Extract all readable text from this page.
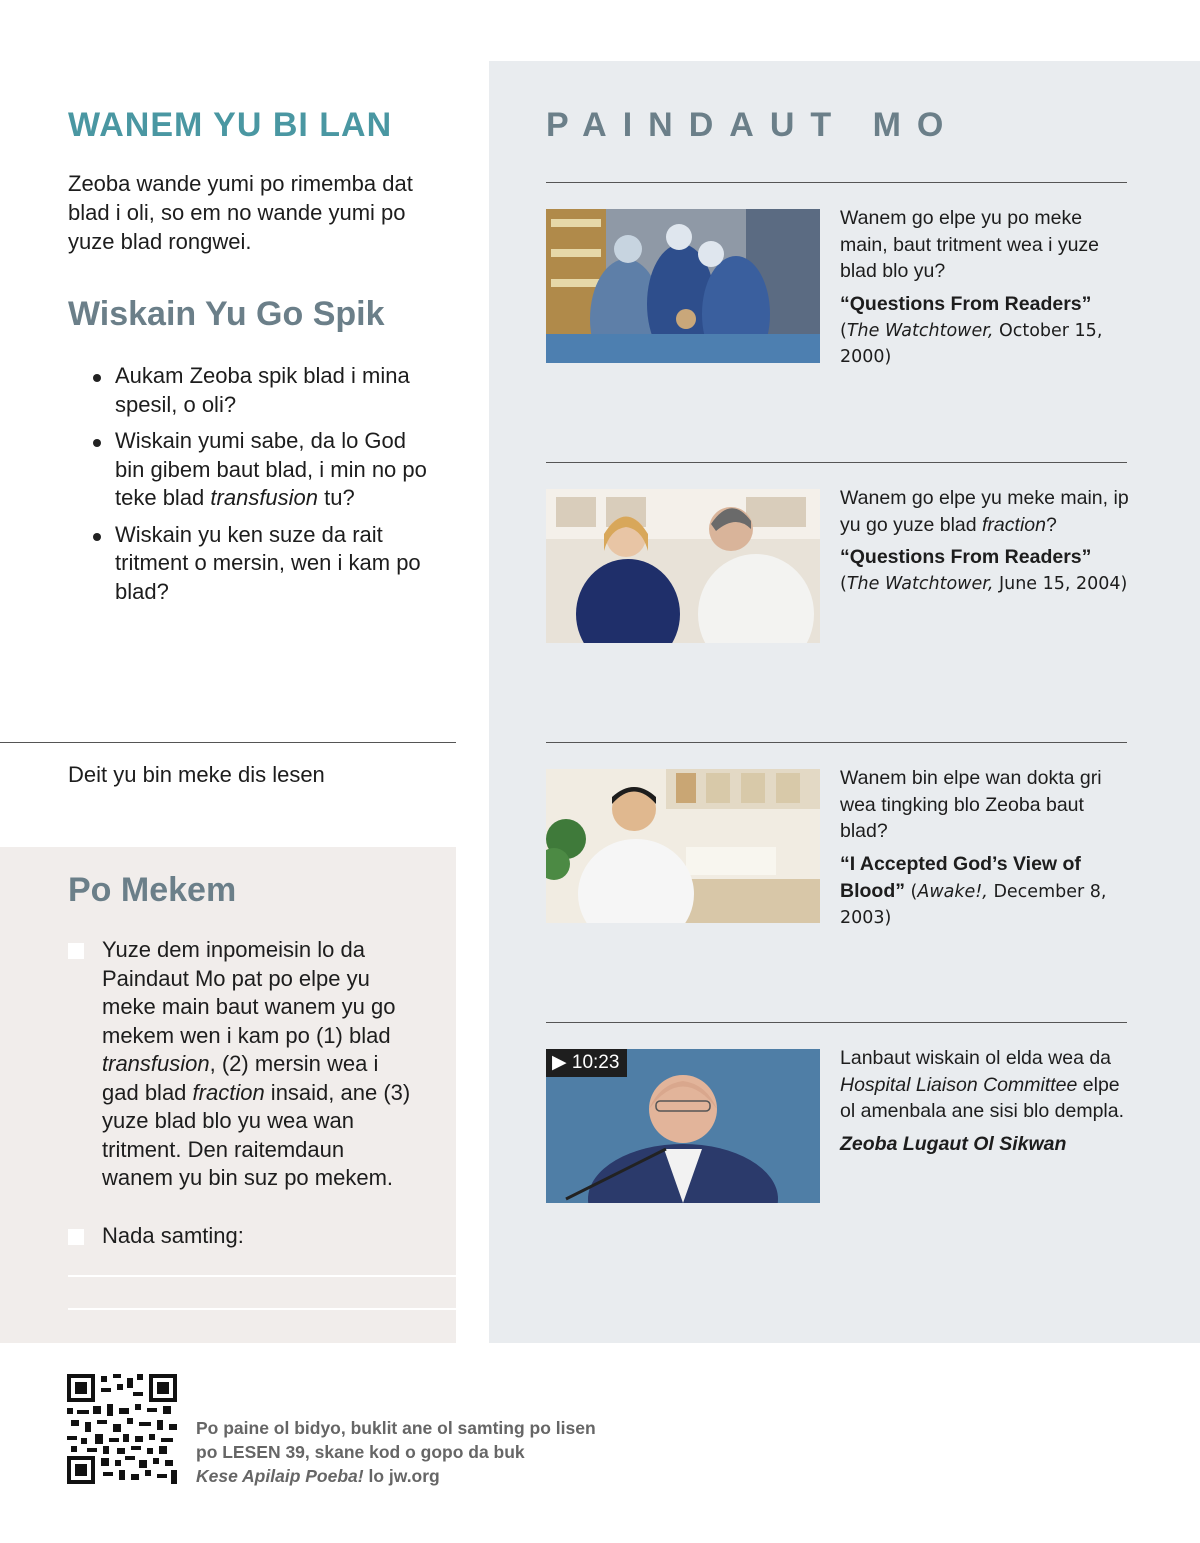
WANEM YU BI LAN

Zeoba wande yumi po rimemba dat blad i oli, so em no wande yumi po yuze blad rongwei.

Wiskain Yu Go Spik
Aukam Zeoba spik blad i mina spesil, o oli?
Wiskain yumi sabe, da lo God bin gibem baut blad, i min no po teke blad transfusion tu?
Wiskain yu ken suze da rait tritment o mersin, wen i kam po blad?

Deit yu bin meke dis lesen

Po Mekem
Yuze dem inpomeisin lo da Paindaut Mo pat po elpe yu meke main baut wanem yu go mekem wen i kam po (1) blad transfusion, (2) mersin wea i gad blad fraction insaid, ane (3) yuze blad blo yu wea wan tritment. Den raitemdaun wanem yu bin suz po mekem.
Nada samting:
PAINDAUT MO
Wanem go elpe yu po meke main, baut tritment wea i yuze blad blo yu?
“Questions From Readers” (The Watchtower, October 15, 2000)
Wanem go elpe yu meke main, ip yu go yuze blad fraction?
“Questions From Readers” (The Watchtower, June 15, 2004)
Wanem bin elpe wan dokta gri wea tingking blo Zeoba baut blad?
“I Accepted God’s View of Blood” (Awake!, December 8, 2003)
▶ 10:23	Lanbaut wiskain ol elda wea da Hospital Liaison Committee elpe ol amenbala ane sisi blo dempla.
Zeoba Lugaut Ol Sikwan
Po paine ol bidyo, buklit ane ol samting po lisen
po LESEN 39, skane kod o gopo da buk
Kese Apilaip Poeba! lo jw.org
